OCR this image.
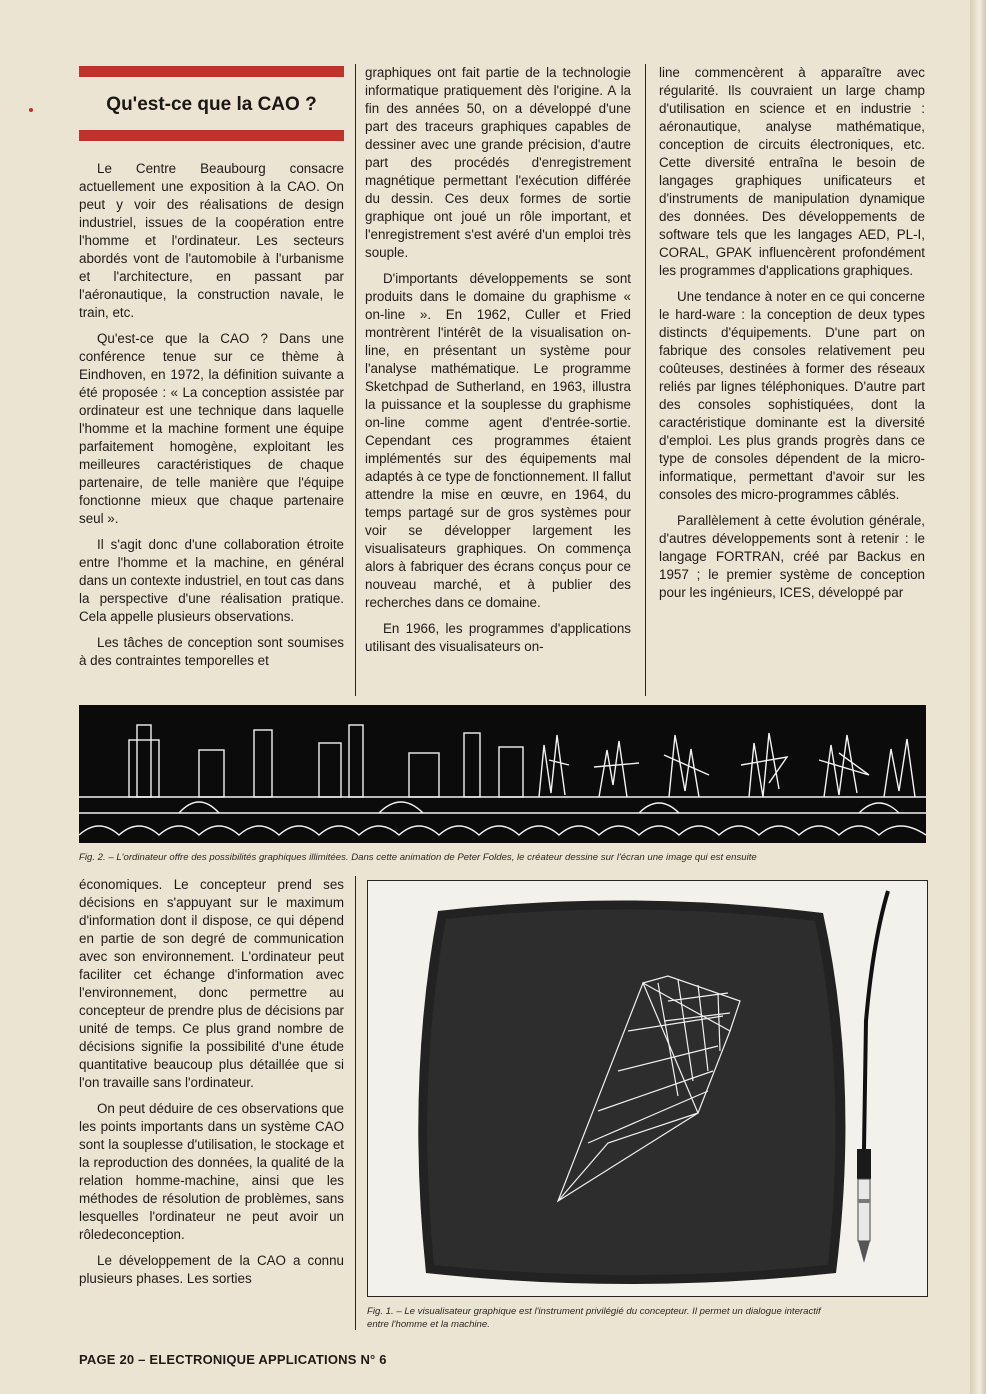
Qu'est-ce que la CAO ?

Le Centre Beaubourg consacre actuellement une exposition à la CAO. On peut y voir des réalisations de design industriel, issues de la coopération entre l'homme et l'ordinateur. Les secteurs abordés vont de l'automobile à l'urbanisme et l'architecture, en passant par l'aéronautique, la construction navale, le train, etc.

Qu'est-ce que la CAO ? Dans une conférence tenue sur ce thème à Eindhoven, en 1972, la définition suivante a été proposée : « La conception assistée par ordinateur est une technique dans laquelle l'homme et la machine forment une équipe parfaitement homogène, exploitant les meilleures caractéristiques de chaque partenaire, de telle manière que l'équipe fonctionne mieux que chaque partenaire seul ».

Il s'agit donc d'une collaboration étroite entre l'homme et la machine, en général dans un contexte industriel, en tout cas dans la perspective d'une réalisation pratique. Cela appelle plusieurs observations.

Les tâches de conception sont soumises à des contraintes temporelles et

graphiques ont fait partie de la technologie informatique pratiquement dès l'origine. A la fin des années 50, on a développé d'une part des traceurs graphiques capables de dessiner avec une grande précision, d'autre part des procédés d'enregistrement magnétique permettant l'exécution différée du dessin. Ces deux formes de sortie graphique ont joué un rôle important, et l'enregistrement s'est avéré d'un emploi très souple.

D'importants développements se sont produits dans le domaine du graphisme « on-line ». En 1962, Culler et Fried montrèrent l'intérêt de la visualisation on-line, en présentant un système pour l'analyse mathématique. Le programme Sketchpad de Sutherland, en 1963, illustra la puissance et la souplesse du graphisme on-line comme agent d'entrée-sortie. Cependant ces programmes étaient implémentés sur des équipements mal adaptés à ce type de fonctionnement. Il fallut attendre la mise en œuvre, en 1964, du temps partagé sur de gros systèmes pour voir se développer largement les visualisateurs graphiques. On commença alors à fabriquer des écrans conçus pour ce nouveau marché, et à publier des recherches dans ce domaine.

En 1966, les programmes d'applications utilisant des visualisateurs on-

line commencèrent à apparaître avec régularité. Ils couvraient un large champ d'utilisation en science et en industrie : aéronautique, analyse mathématique, conception de circuits électroniques, etc. Cette diversité entraîna le besoin de langages graphiques unificateurs et d'instruments de manipulation dynamique des données. Des développements de software tels que les langages AED, PL-I, CORAL, GPAK influencèrent profondément les programmes d'applications graphiques.

Une tendance à noter en ce qui concerne le hard-ware : la conception de deux types distincts d'équipements. D'une part on fabrique des consoles relativement peu coûteuses, destinées à former des réseaux reliés par lignes téléphoniques. D'autre part des consoles sophistiquées, dont la caractéristique dominante est la diversité d'emploi. Les plus grands progrès dans ce type de consoles dépendent de la micro-informatique, permettant d'avoir sur les consoles des micro-programmes câblés.

Parallèlement à cette évolution générale, d'autres développements sont à retenir : le langage FORTRAN, créé par Backus en 1957 ; le premier système de conception pour les ingénieurs, ICES, développé par

Fig. 2. – L'ordinateur offre des possibilités graphiques illimitées. Dans cette animation de Peter Foldes, le créateur dessine sur l'écran une image qui est ensuite

économiques. Le concepteur prend ses décisions en s'appuyant sur le maximum d'information dont il dispose, ce qui dépend en partie de son degré de communication avec son environnement. L'ordinateur peut faciliter cet échange d'information avec l'environnement, donc permettre au concepteur de prendre plus de décisions par unité de temps. Ce plus grand nombre de décisions signifie la possibilité d'une étude quantitative beaucoup plus détaillée que si l'on travaille sans l'ordinateur.

On peut déduire de ces observations que les points importants dans un système CAO sont la souplesse d'utilisation, le stockage et la reproduction des données, la qualité de la relation homme-machine, ainsi que les méthodes de résolution de problèmes, sans lesquelles l'ordinateur ne peut avoir un rôledeconception.

Le développement de la CAO a connu plusieurs phases. Les sorties

Fig. 1. – Le visualisateur graphique est l'instrument privilégié du concepteur. Il permet un dialogue interactif
entre l'homme et la machine.
PAGE 20 – ELECTRONIQUE APPLICATIONS N° 6
